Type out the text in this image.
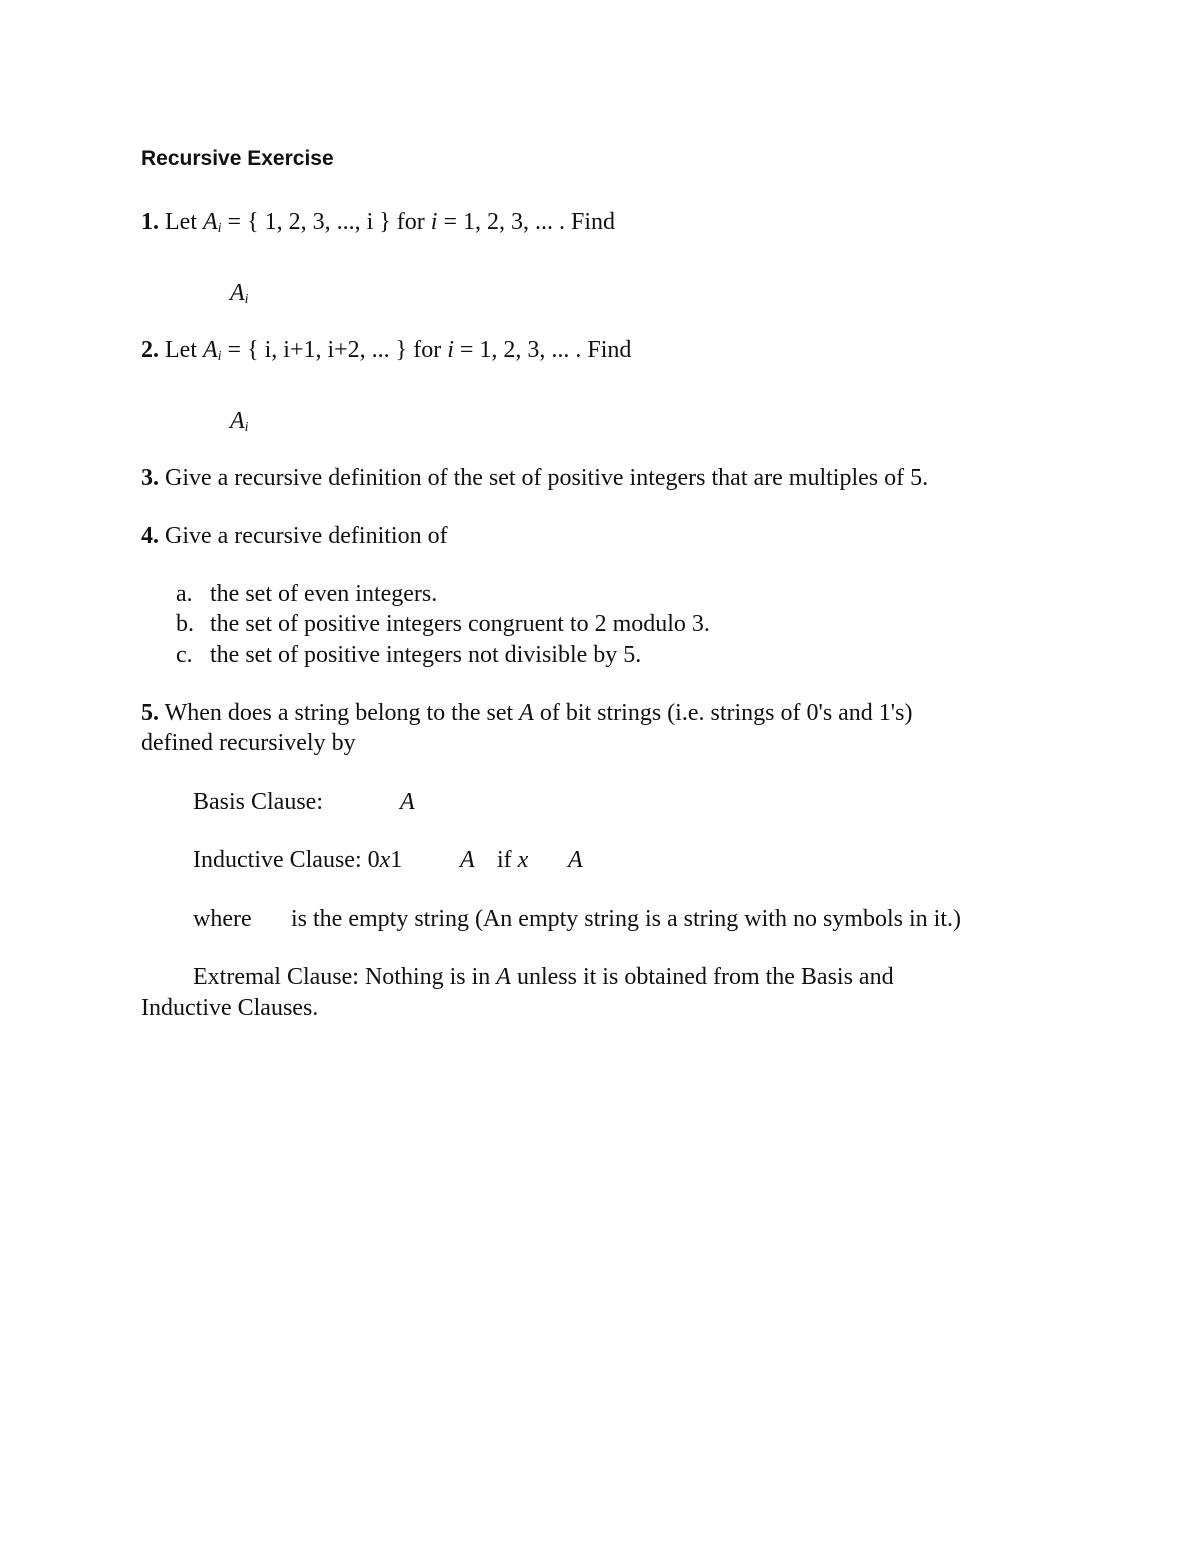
Recursive Exercise
1. Let $A_i$ = { 1, 2, 3, ..., i } for i = 1, 2, 3, ... . Find
$A_i$
2. Let $A_i$ = { i, i+1, i+2, ... } for i = 1, 2, 3, ... . Find
$A_i$
3. Give a recursive definition of the set of positive integers that are multiples of 5.
4. Give a recursive definition of
a. the set of even integers.
b. the set of positive integers congruent to 2 modulo 3.
c. the set of positive integers not divisible by 5.
5. When does a string belong to the set A of bit strings (i.e. strings of 0's and 1's)
defined recursively by
Basis Clause:	A
Inductive Clause: 0x1 A if x A
where is the empty string (An empty string is a string with no symbols in it.)
Extremal Clause: Nothing is in A unless it is obtained from the Basis and
Inductive Clauses.
